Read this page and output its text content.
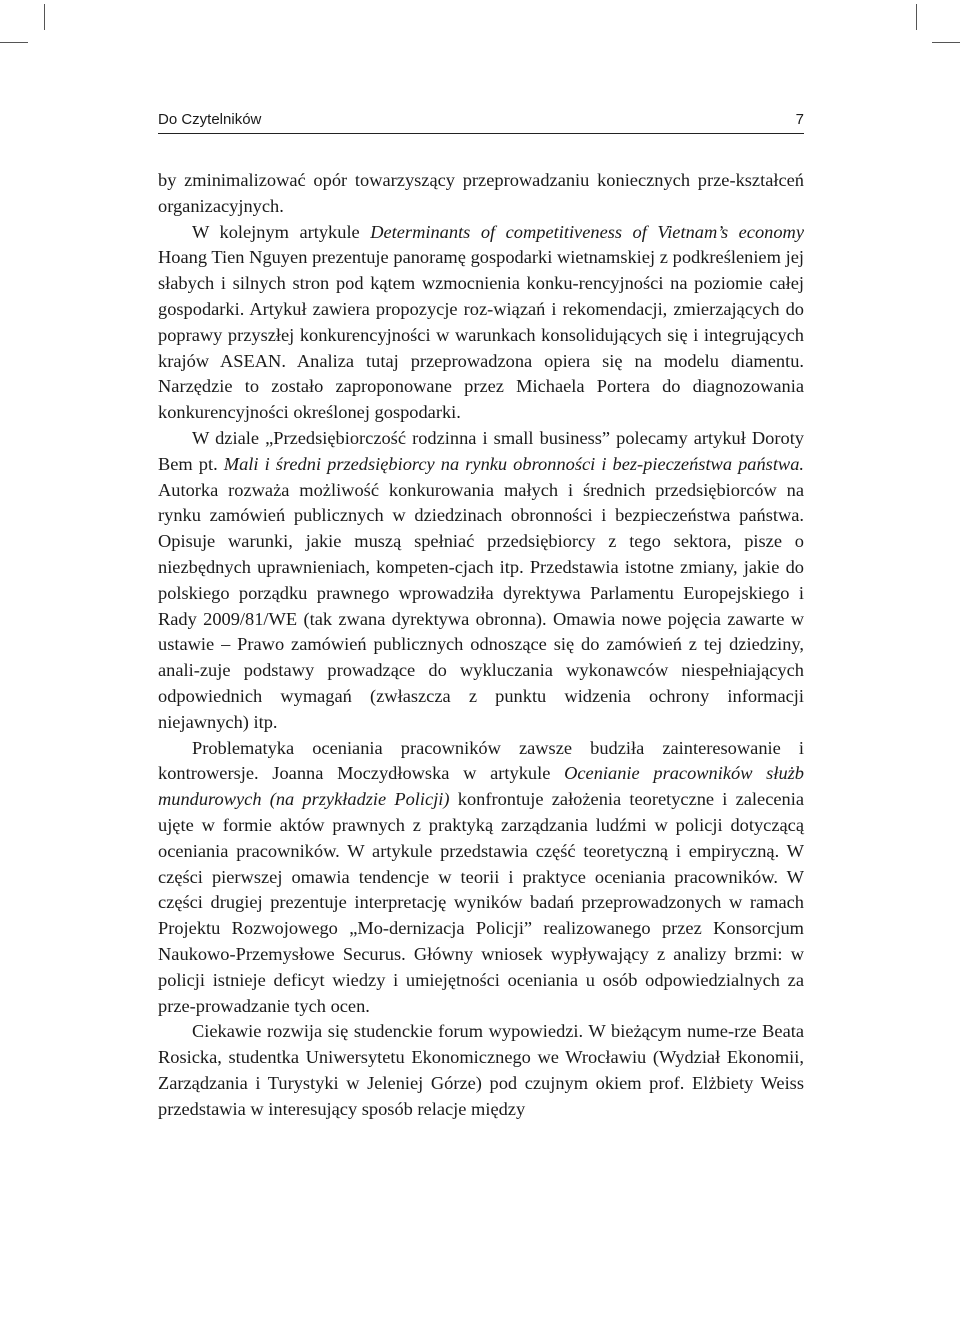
Do Czytelników	7

by zminimalizować opór towarzyszący przeprowadzaniu koniecznych prze-kształceń organizacyjnych.

W kolejnym artykule Determinants of competitiveness of Vietnam’s economy Hoang Tien Nguyen prezentuje panoramę gospodarki wietnamskiej z podkreśleniem jej słabych i silnych stron pod kątem wzmocnienia konku-rencyjności na poziomie całej gospodarki. Artykuł zawiera propozycje roz-wiązań i rekomendacji, zmierzających do poprawy przyszłej konkurencyjności w warunkach konsolidujących się i integrujących krajów ASEAN. Analiza tutaj przeprowadzona opiera się na modelu diamentu. Narzędzie to zostało zaproponowane przez Michaela Portera do diagnozowania konkurencyjności określonej gospodarki.

W dziale „Przedsiębiorczość rodzinna i small business” polecamy artykuł Doroty Bem pt. Mali i średni przedsiębiorcy na rynku obronności i bez-pieczeństwa państwa. Autorka rozważa możliwość konkurowania małych i średnich przedsiębiorców na rynku zamówień publicznych w dziedzinach obronności i bezpieczeństwa państwa. Opisuje warunki, jakie muszą spełniać przedsiębiorcy z tego sektora, pisze o niezbędnych uprawnieniach, kompeten-cjach itp. Przedstawia istotne zmiany, jakie do polskiego porządku prawnego wprowadziła dyrektywa Parlamentu Europejskiego i Rady 2009/81/WE (tak zwana dyrektywa obronna). Omawia nowe pojęcia zawarte w ustawie – Prawo zamówień publicznych odnoszące się do zamówień z tej dziedziny, anali-zuje podstawy prowadzące do wykluczania wykonawców niespełniających odpowiednich wymagań (zwłaszcza z punktu widzenia ochrony informacji niejawnych) itp.

Problematyka oceniania pracowników zawsze budziła zainteresowanie i kontrowersje. Joanna Moczydłowska w artykule Ocenianie pracowników służb mundurowych (na przykładzie Policji) konfrontuje założenia teoretyczne i zalecenia ujęte w formie aktów prawnych z praktyką zarządzania ludźmi w policji dotyczącą oceniania pracowników. W artykule przedstawia część teoretyczną i empiryczną. W części pierwszej omawia tendencje w teorii i praktyce oceniania pracowników. W części drugiej prezentuje interpretację wyników badań przeprowadzonych w ramach Projektu Rozwojowego „Mo-dernizacja Policji” realizowanego przez Konsorcjum Naukowo-Przemysłowe Securus. Główny wniosek wypływający z analizy brzmi: w policji istnieje deficyt wiedzy i umiejętności oceniania u osób odpowiedzialnych za prze-prowadzanie tych ocen.

Ciekawie rozwija się studenckie forum wypowiedzi. W bieżącym nume-rze Beata Rosicka, studentka Uniwersytetu Ekonomicznego we Wrocławiu (Wydział Ekonomii, Zarządzania i Turystyki w Jeleniej Górze) pod czujnym okiem prof. Elżbiety Weiss przedstawia w interesujący sposób relacje między
